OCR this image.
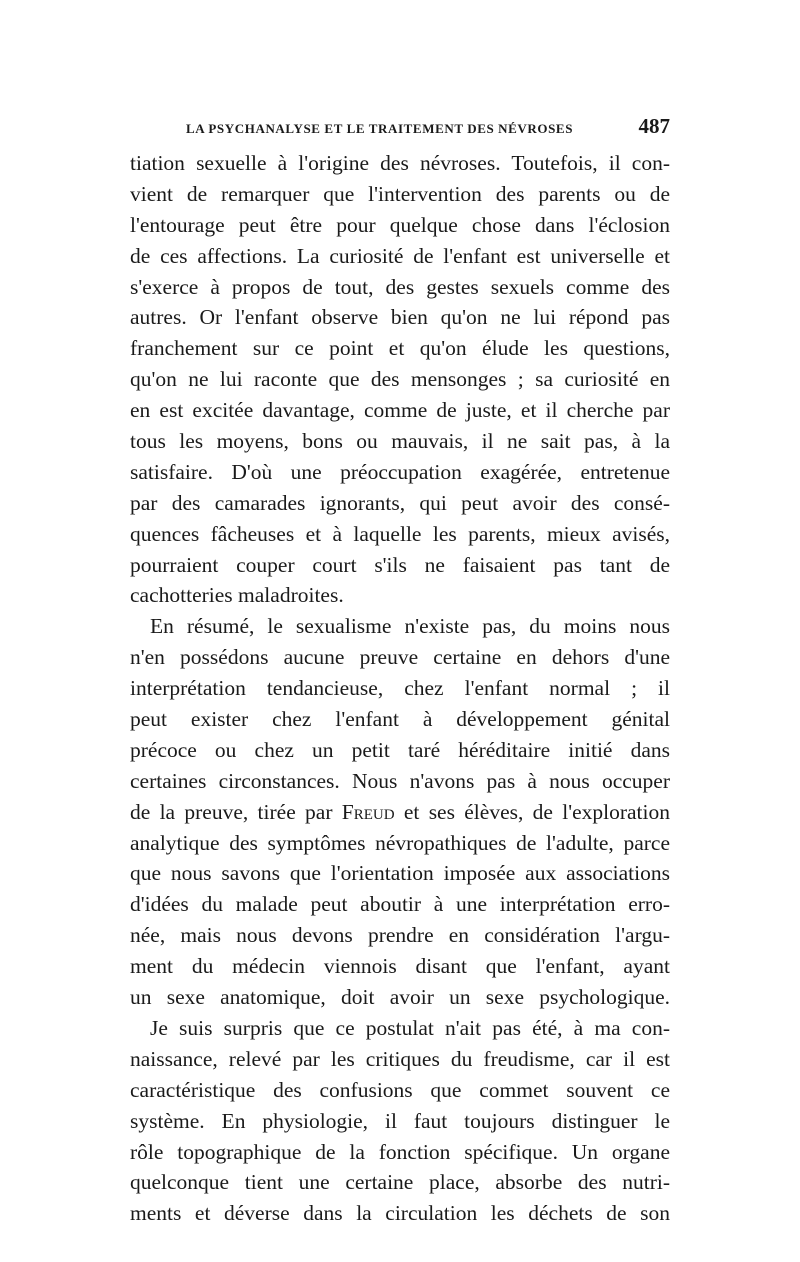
LA PSYCHANALYSE ET LE TRAITEMENT DES NÉVROSES	487
tiation sexuelle à l'origine des névroses. Toutefois, il con-
vient de remarquer que l'intervention des parents ou de
l'entourage peut être pour quelque chose dans l'éclosion
de ces affections. La curiosité de l'enfant est universelle et
s'exerce à propos de tout, des gestes sexuels comme des
autres. Or l'enfant observe bien qu'on ne lui répond pas
franchement sur ce point et qu'on élude les questions,
qu'on ne lui raconte que des mensonges ; sa curiosité en
en est excitée davantage, comme de juste, et il cherche par
tous les moyens, bons ou mauvais, il ne sait pas, à la
satisfaire. D'où une préoccupation exagérée, entretenue
par des camarades ignorants, qui peut avoir des consé-
quences fâcheuses et à laquelle les parents, mieux avisés,
pourraient couper court s'ils ne faisaient pas tant de
cachotteries maladroites.
En résumé, le sexualisme n'existe pas, du moins nous
n'en possédons aucune preuve certaine en dehors d'une
interprétation tendancieuse, chez l'enfant normal ; il
peut exister chez l'enfant à développement génital
précoce ou chez un petit taré héréditaire initié dans
certaines circonstances. Nous n'avons pas à nous occuper
de la preuve, tirée par Freud et ses élèves, de l'exploration
analytique des symptômes névropathiques de l'adulte, parce
que nous savons que l'orientation imposée aux associations
d'idées du malade peut aboutir à une interprétation erro-
née, mais nous devons prendre en considération l'argu-
ment du médecin viennois disant que l'enfant, ayant
un sexe anatomique, doit avoir un sexe psychologique.
Je suis surpris que ce postulat n'ait pas été, à ma con-
naissance, relevé par les critiques du freudisme, car il est
caractéristique des confusions que commet souvent ce
système. En physiologie, il faut toujours distinguer le
rôle topographique de la fonction spécifique. Un organe
quelconque tient une certaine place, absorbe des nutri-
ments et déverse dans la circulation les déchets de son
